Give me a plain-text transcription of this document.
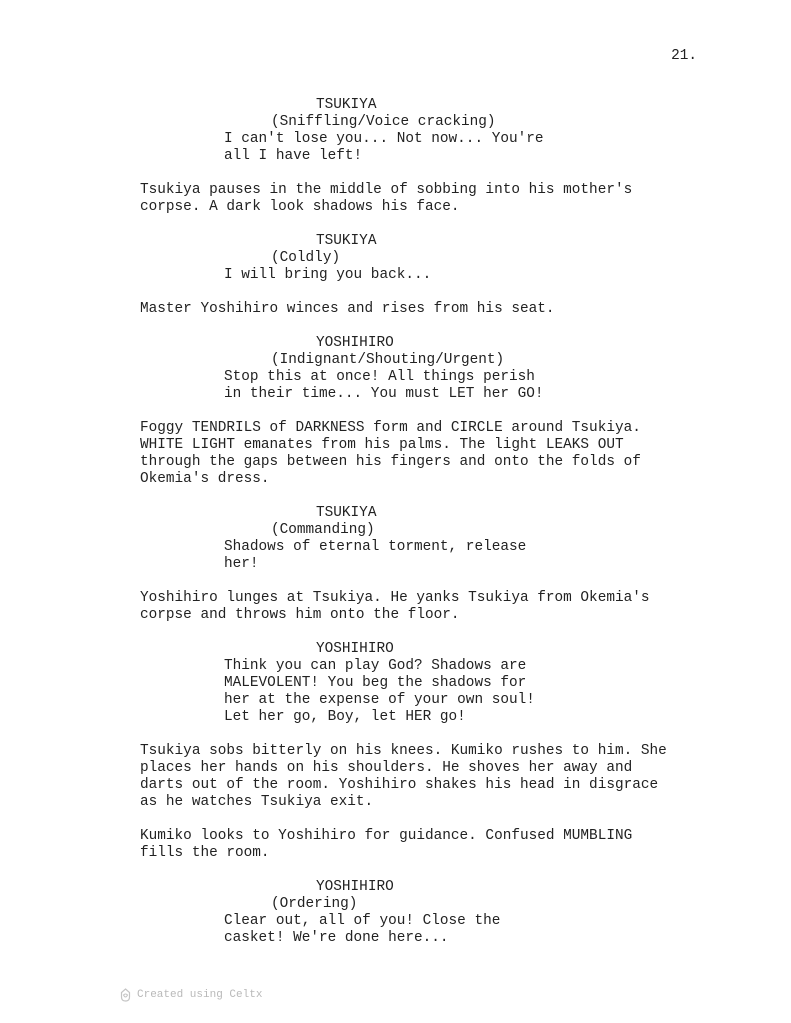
21.
TSUKIYA
(Sniffling/Voice cracking)
I can't lose you... Not now... You're
all I have left!
Tsukiya pauses in the middle of sobbing into his mother's
corpse. A dark look shadows his face.
TSUKIYA
(Coldly)
I will bring you back...
Master Yoshihiro winces and rises from his seat.
YOSHIHIRO
(Indignant/Shouting/Urgent)
Stop this at once! All things perish
in their time... You must LET her GO!
Foggy TENDRILS of DARKNESS form and CIRCLE around Tsukiya.
WHITE LIGHT emanates from his palms. The light LEAKS OUT
through the gaps between his fingers and onto the folds of
Okemia's dress.
TSUKIYA
(Commanding)
Shadows of eternal torment, release
her!
Yoshihiro lunges at Tsukiya. He yanks Tsukiya from Okemia's
corpse and throws him onto the floor.
YOSHIHIRO
Think you can play God? Shadows are
MALEVOLENT! You beg the shadows for
her at the expense of your own soul!
Let her go, Boy, let HER go!
Tsukiya sobs bitterly on his knees. Kumiko rushes to him. She
places her hands on his shoulders. He shoves her away and
darts out of the room. Yoshihiro shakes his head in disgrace
as he watches Tsukiya exit.
Kumiko looks to Yoshihiro for guidance. Confused MUMBLING
fills the room.
YOSHIHIRO
(Ordering)
Clear out, all of you! Close the
casket! We're done here...
Created using Celtx
